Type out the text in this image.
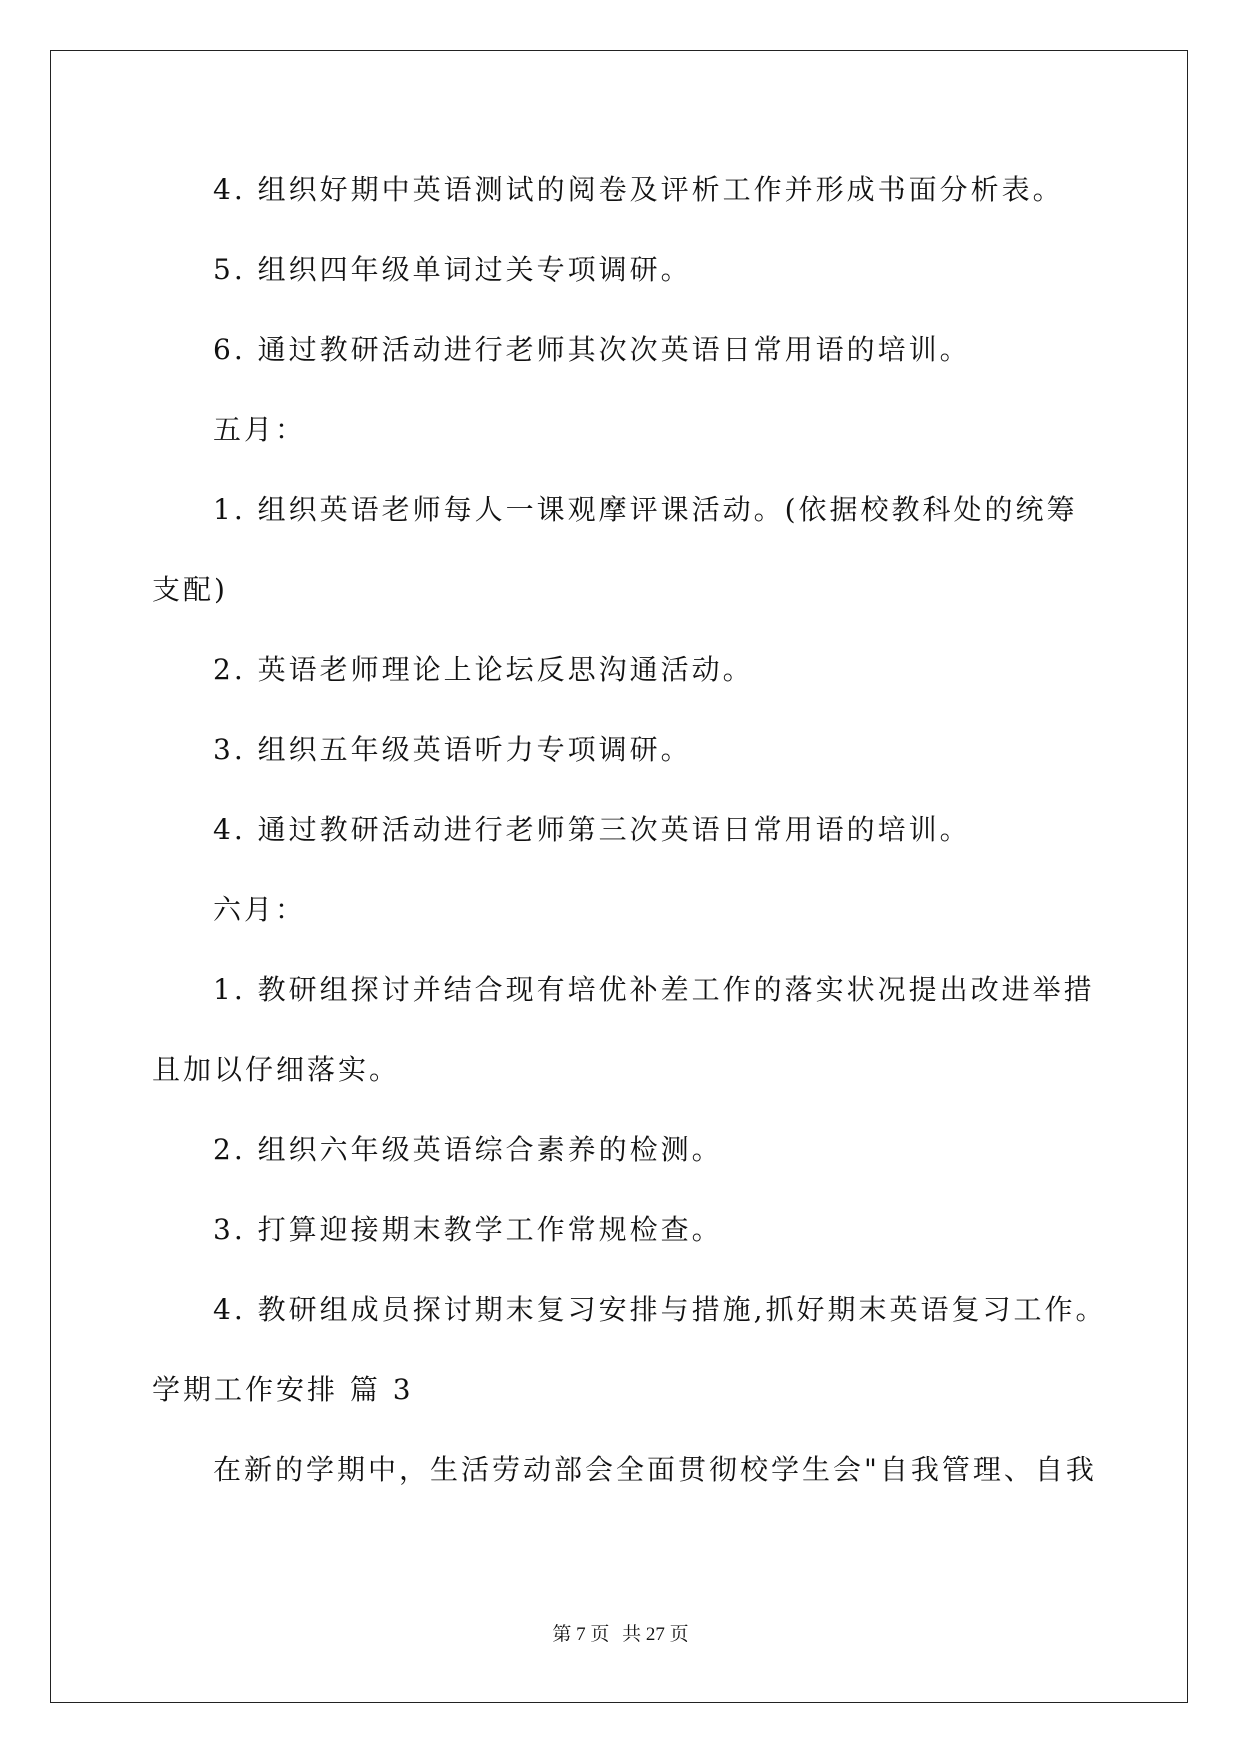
4. 组织好期中英语测试的阅卷及评析工作并形成书面分析表。
5. 组织四年级单词过关专项调研。
6. 通过教研活动进行老师其次次英语日常用语的培训。
五月：
1. 组织英语老师每人一课观摩评课活动。(依据校教科处的统筹
支配)
2. 英语老师理论上论坛反思沟通活动。
3. 组织五年级英语听力专项调研。
4. 通过教研活动进行老师第三次英语日常用语的培训。
六月：
1. 教研组探讨并结合现有培优补差工作的落实状况提出改进举措
且加以仔细落实。
2. 组织六年级英语综合素养的检测。
3. 打算迎接期末教学工作常规检查。
4. 教研组成员探讨期末复习安排与措施,抓好期末英语复习工作。
学期工作安排 篇 3
在新的学期中，生活劳动部会全面贯彻校学生会"自我管理、自我
第 7 页 共 27 页
